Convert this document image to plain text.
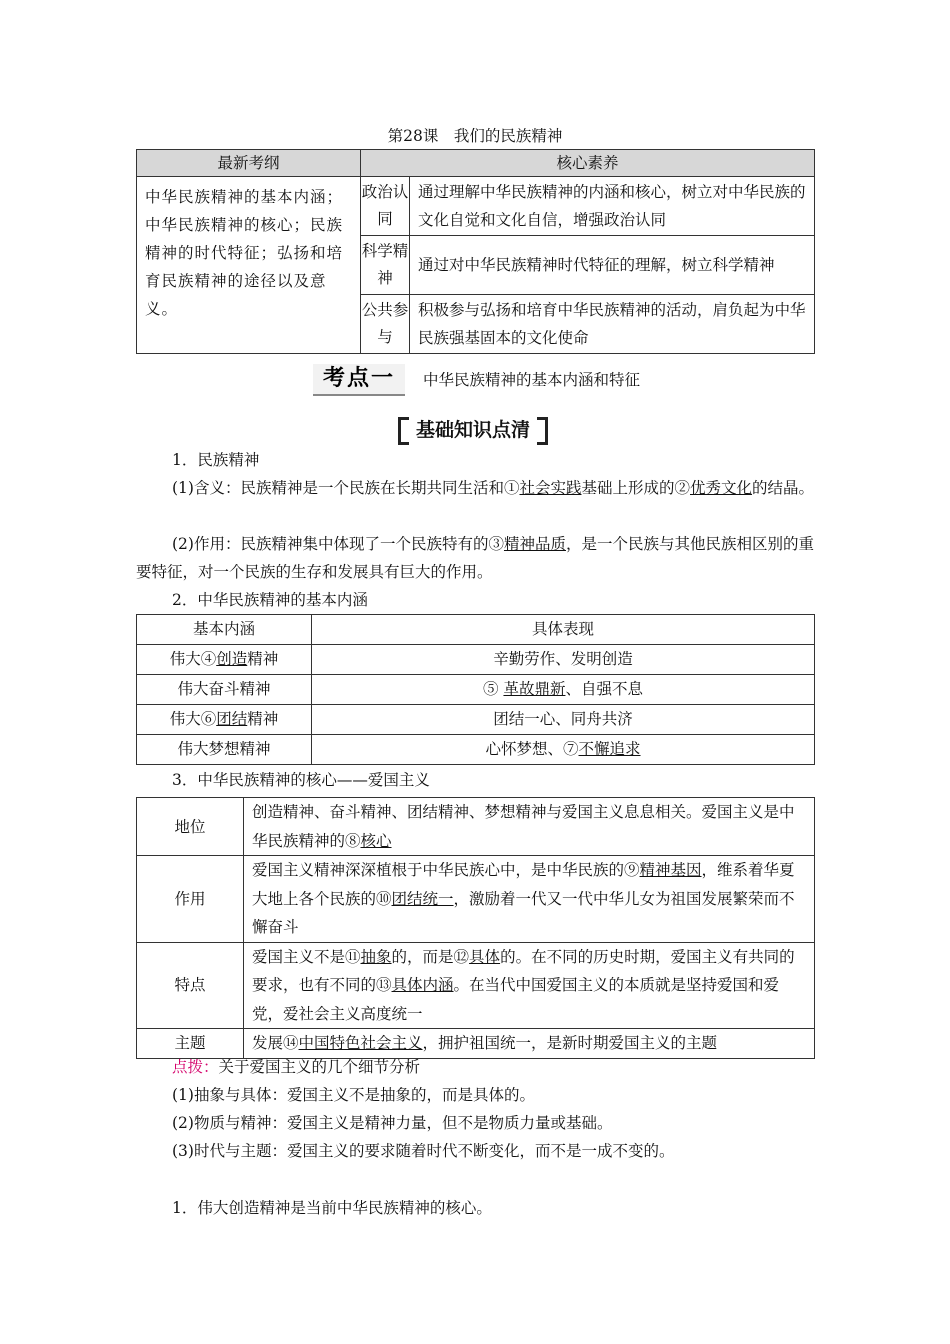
第28课　我们的民族精神
最新考纲	核心素养	
中华民族精神的基本内涵；中华民族精神的核心；民族精神的时代特征；弘扬和培育民族精神的途径以及意义。	政治认同	通过理解中华民族精神的内涵和核心，树立对中华民族的文化自觉和文化自信，增强政治认同
	科学精神	通过对中华民族精神时代特征的理解，树立科学精神
	公共参与	积极参与弘扬和培育中华民族精神的活动，肩负起为中华民族强基固本的文化使命
考点一	中华民族精神的基本内涵和特征
基础知识点清
1．民族精神
(1)含义：民族精神是一个民族在长期共同生活和①社会实践基础上形成的②优秀文化的结晶。
(2)作用：民族精神集中体现了一个民族特有的③精神品质，是一个民族与其他民族相区别的重要特征，对一个民族的生存和发展具有巨大的作用。
2．中华民族精神的基本内涵
基本内涵	具体表现
伟大④创造精神	辛勤劳作、发明创造
伟大奋斗精神	⑤ 革故鼎新、自强不息
伟大⑥团结精神	团结一心、同舟共济
伟大梦想精神	心怀梦想、⑦不懈追求
3．中华民族精神的核心——爱国主义
地位	创造精神、奋斗精神、团结精神、梦想精神与爱国主义息息相关。爱国主义是中华民族精神的⑧核心
作用	爱国主义精神深深植根于中华民族心中，是中华民族的⑨精神基因，维系着华夏大地上各个民族的⑩团结统一，激励着一代又一代中华儿女为祖国发展繁荣而不懈奋斗
特点	爱国主义不是⑪抽象的，而是⑫具体的。在不同的历史时期，爱国主义有共同的要求，也有不同的⑬具体内涵。在当代中国爱国主义的本质就是坚持爱国和爱党，爱社会主义高度统一
主题	发展⑭中国特色社会主义，拥护祖国统一，是新时期爱国主义的主题
点拨：关于爱国主义的几个细节分析
(1)抽象与具体：爱国主义不是抽象的，而是具体的。
(2)物质与精神：爱国主义是精神力量，但不是物质力量或基础。
(3)时代与主题：爱国主义的要求随着时代不断变化，而不是一成不变的。
1．伟大创造精神是当前中华民族精神的核心。
